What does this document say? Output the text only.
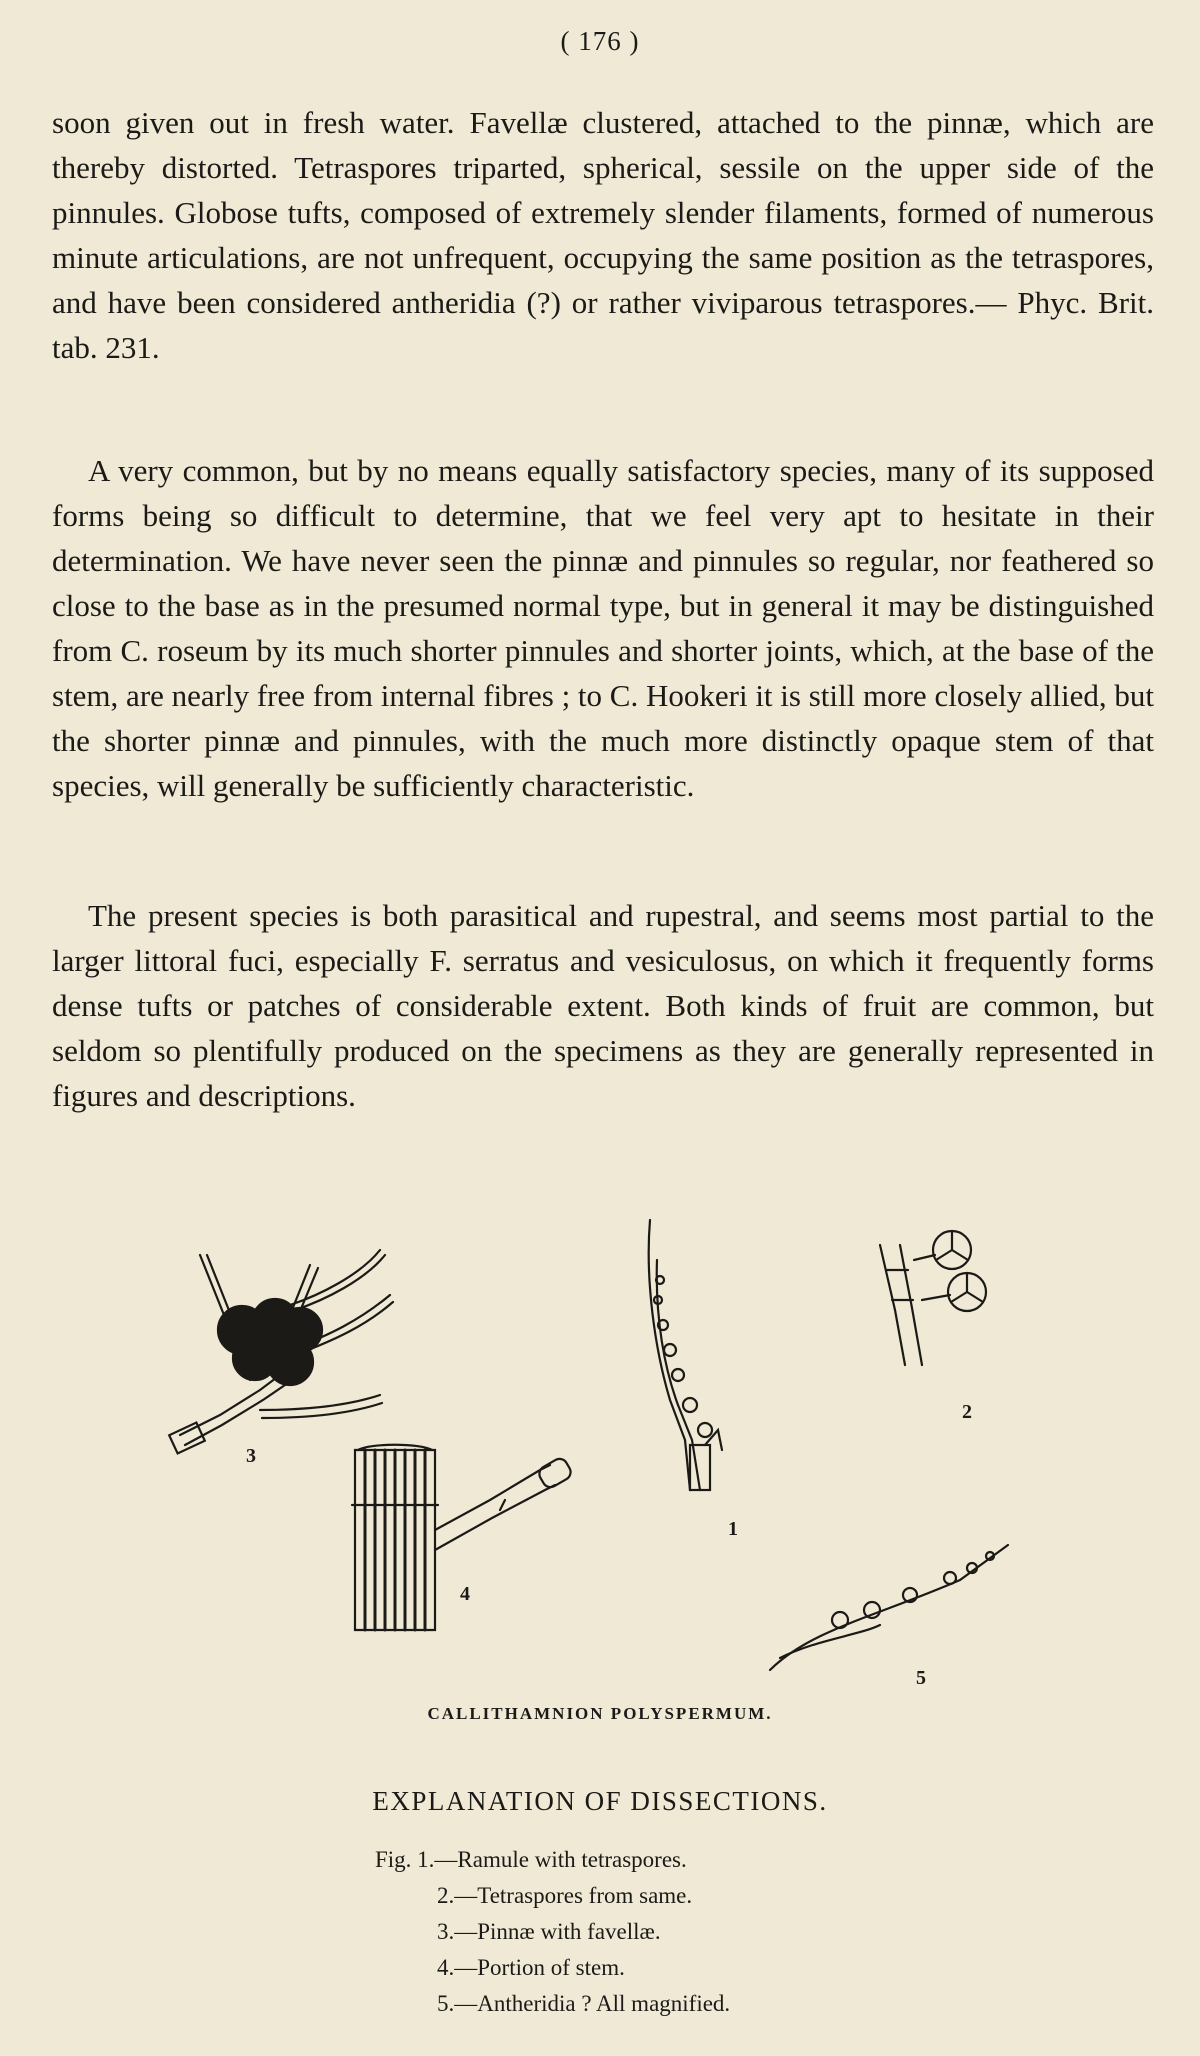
( 176 )
soon given out in fresh water. Favellæ clustered, attached to the pinnæ, which are thereby distorted. Tetraspores triparted, spherical, sessile on the upper side of the pinnules. Globose tufts, composed of extremely slender filaments, formed of numerous minute articulations, are not unfrequent, occupying the same position as the tetraspores, and have been considered antheridia (?) or rather viviparous tetraspores.— Phyc. Brit. tab. 231.
A very common, but by no means equally satisfactory species, many of its supposed forms being so difficult to determine, that we feel very apt to hesitate in their determination. We have never seen the pinnæ and pinnules so regular, nor feathered so close to the base as in the presumed normal type, but in general it may be distinguished from C. roseum by its much shorter pinnules and shorter joints, which, at the base of the stem, are nearly free from internal fibres ; to C. Hookeri it is still more closely allied, but the shorter pinnæ and pinnules, with the much more distinctly opaque stem of that species, will generally be sufficiently characteristic.
The present species is both parasitical and rupestral, and seems most partial to the larger littoral fuci, especially F. serratus and vesiculosus, on which it frequently forms dense tufts or patches of considerable extent. Both kinds of fruit are common, but seldom so plentifully produced on the specimens as they are generally represented in figures and descriptions.
3
4
1
2
5
CALLITHAMNION POLYSPERMUM.
EXPLANATION OF DISSECTIONS.
Fig. 1.—Ramule with tetraspores.
2.—Tetraspores from same.
3.—Pinnæ with favellæ.
4.—Portion of stem.
5.—Antheridia ? All magnified.
